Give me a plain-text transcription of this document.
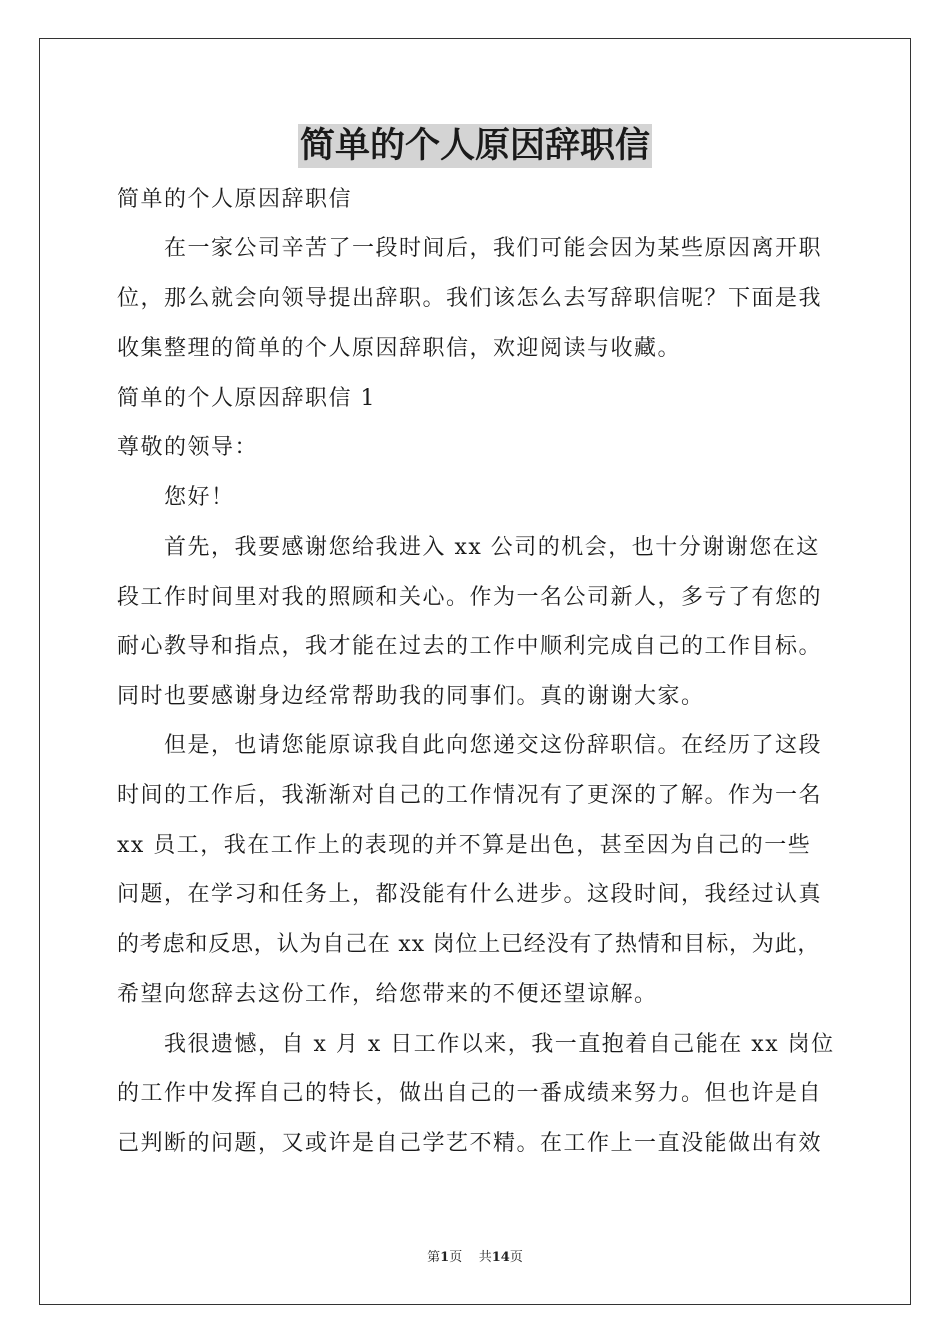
简单的个人原因辞职信
简单的个人原因辞职信
在一家公司辛苦了一段时间后，我们可能会因为某些原因离开职
位，那么就会向领导提出辞职。我们该怎么去写辞职信呢？下面是我
收集整理的简单的个人原因辞职信，欢迎阅读与收藏。
简单的个人原因辞职信 1
尊敬的领导：
您好！
首先，我要感谢您给我进入 xx 公司的机会，也十分谢谢您在这
段工作时间里对我的照顾和关心。作为一名公司新人，多亏了有您的
耐心教导和指点，我才能在过去的工作中顺利完成自己的工作目标。
同时也要感谢身边经常帮助我的同事们。真的谢谢大家。
但是，也请您能原谅我自此向您递交这份辞职信。在经历了这段
时间的工作后，我渐渐对自己的工作情况有了更深的了解。作为一名
xx 员工，我在工作上的表现的并不算是出色，甚至因为自己的一些
问题，在学习和任务上，都没能有什么进步。这段时间，我经过认真
的考虑和反思，认为自己在 xx 岗位上已经没有了热情和目标，为此，
希望向您辞去这份工作，给您带来的不便还望谅解。
我很遗憾，自 x 月 x 日工作以来，我一直抱着自己能在 xx 岗位
的工作中发挥自己的特长，做出自己的一番成绩来努力。但也许是自
己判断的问题，又或许是自己学艺不精。在工作上一直没能做出有效
第1页 共14页
